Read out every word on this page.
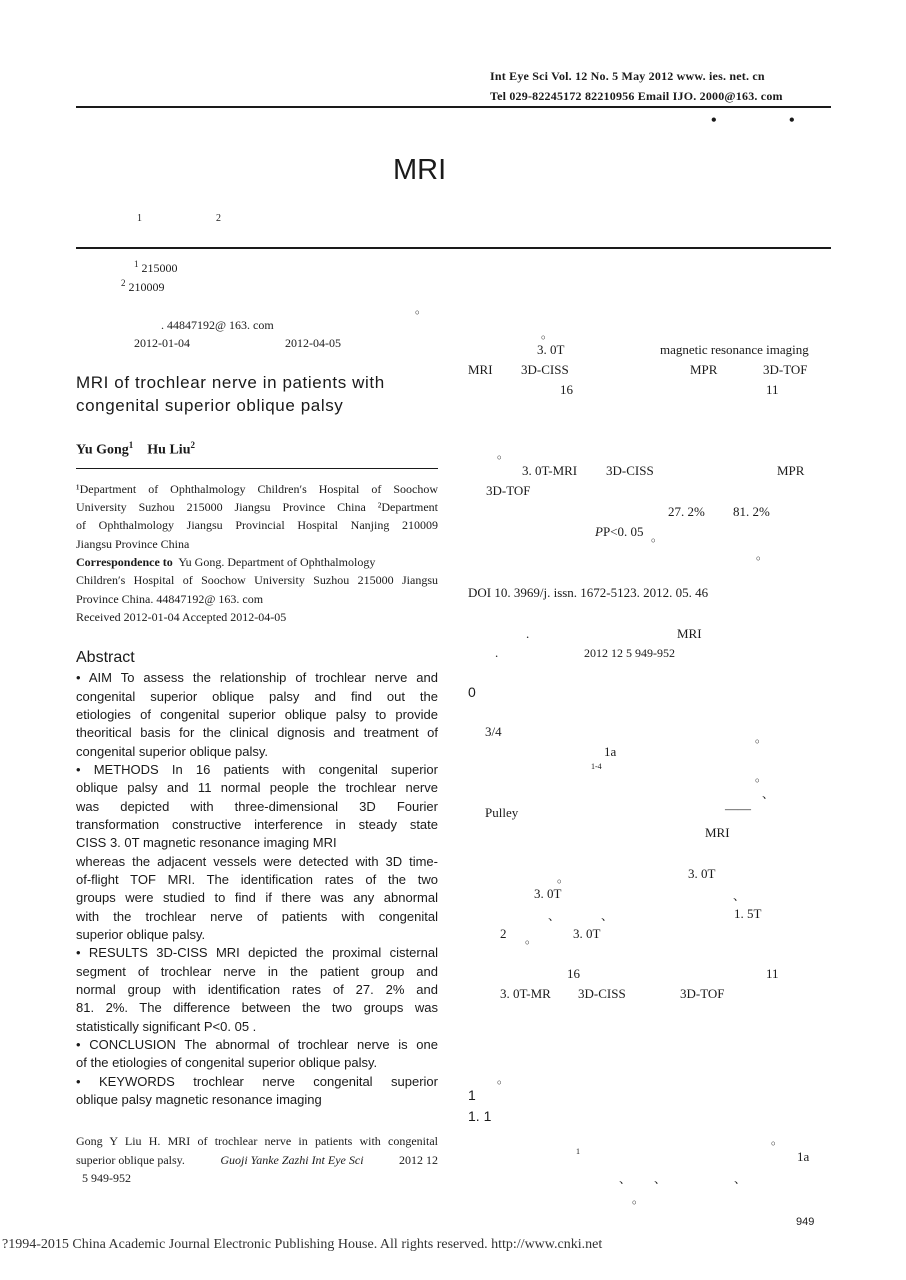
Int Eye Sci Vol. 12 No. 5 May 2012 www. ies. net. cn
Tel 029-82245172 82210956 Email IJO. 2000@163. com
•	•
MRI
1	2
$^1$ 215000
$^2$ 210009
。
. 44847192@ 163. com
2012-01-04	2012-04-05
MRI of trochlear nerve in patients with
congenital superior oblique palsy
Yu Gong$^1$ Hu Liu$^2$
¹Department of Ophthalmology Children′s Hospital of Soochow
University Suzhou 215000 Jiangsu Province China ²Department
of Ophthalmology Jiangsu Provincial Hospital Nanjing 210009
Jiangsu Province China
Correspondence to Yu Gong. Department of Ophthalmology
Children′s Hospital of Soochow University Suzhou 215000 Jiangsu
Province China. 44847192@ 163. com
Received 2012-01-04 Accepted 2012-04-05
Abstract
• AIM To assess the relationship of trochlear nerve and
congenital superior oblique palsy and find out the
etiologies of congenital superior oblique palsy to provide
theoritical basis for the clinical dignosis and treatment of
congenital superior oblique palsy.
• METHODS In 16 patients with congenital superior
oblique palsy and 11 normal people the trochlear nerve
was depicted with three-dimensional 3D Fourier
transformation constructive interference in steady state
CISS 3. 0T magnetic resonance imaging MRI
whereas the adjacent vessels were detected with 3D time-
of-flight TOF MRI. The identification rates of the two
groups were studied to find if there was any abnormal
with the trochlear nerve of patients with congenital
superior oblique palsy.
• RESULTS 3D-CISS MRI depicted the proximal cisternal
segment of trochlear nerve in the patient group and
normal group with identification rates of 27. 2% and
81. 2%. The difference between the two groups was
statistically significant P<0. 05 .
• CONCLUSION The abnormal of trochlear nerve is one
of the etiologies of congenital superior oblique palsy.
• KEYWORDS trochlear nerve congenital superior
oblique palsy magnetic resonance imaging
Gong Y Liu H. MRI of trochlear nerve in patients with congenital
superior oblique palsy.	Guoji Yanke Zazhi Int Eye Sci	2012 12
5 949-952
。
3. 0T	magnetic resonance imaging
MRI 3D-CISS	MPR	3D-TOF
16	11
。
3. 0T-MRI 3D-CISS	MPR
3D-TOF
27. 2% 81. 2%
PP<0. 05 。
。
DOI 10. 3969/j. issn. 1672-5123. 2012. 05. 46
.	MRI
.	2012 12 5 949-952
0
3/4	。
1a
1-4
。
、
Pulley	——
MRI
。	3. 0T
3. 0T	、
、	、	1. 5T
2 。	3. 0T
16	11
3. 0T-MR 3D-CISS	3D-TOF
。
1
1. 1
。
1	1a
、 、	、
。
949
?1994-2015 China Academic Journal Electronic Publishing House. All rights reserved. http://www.cnki.net
